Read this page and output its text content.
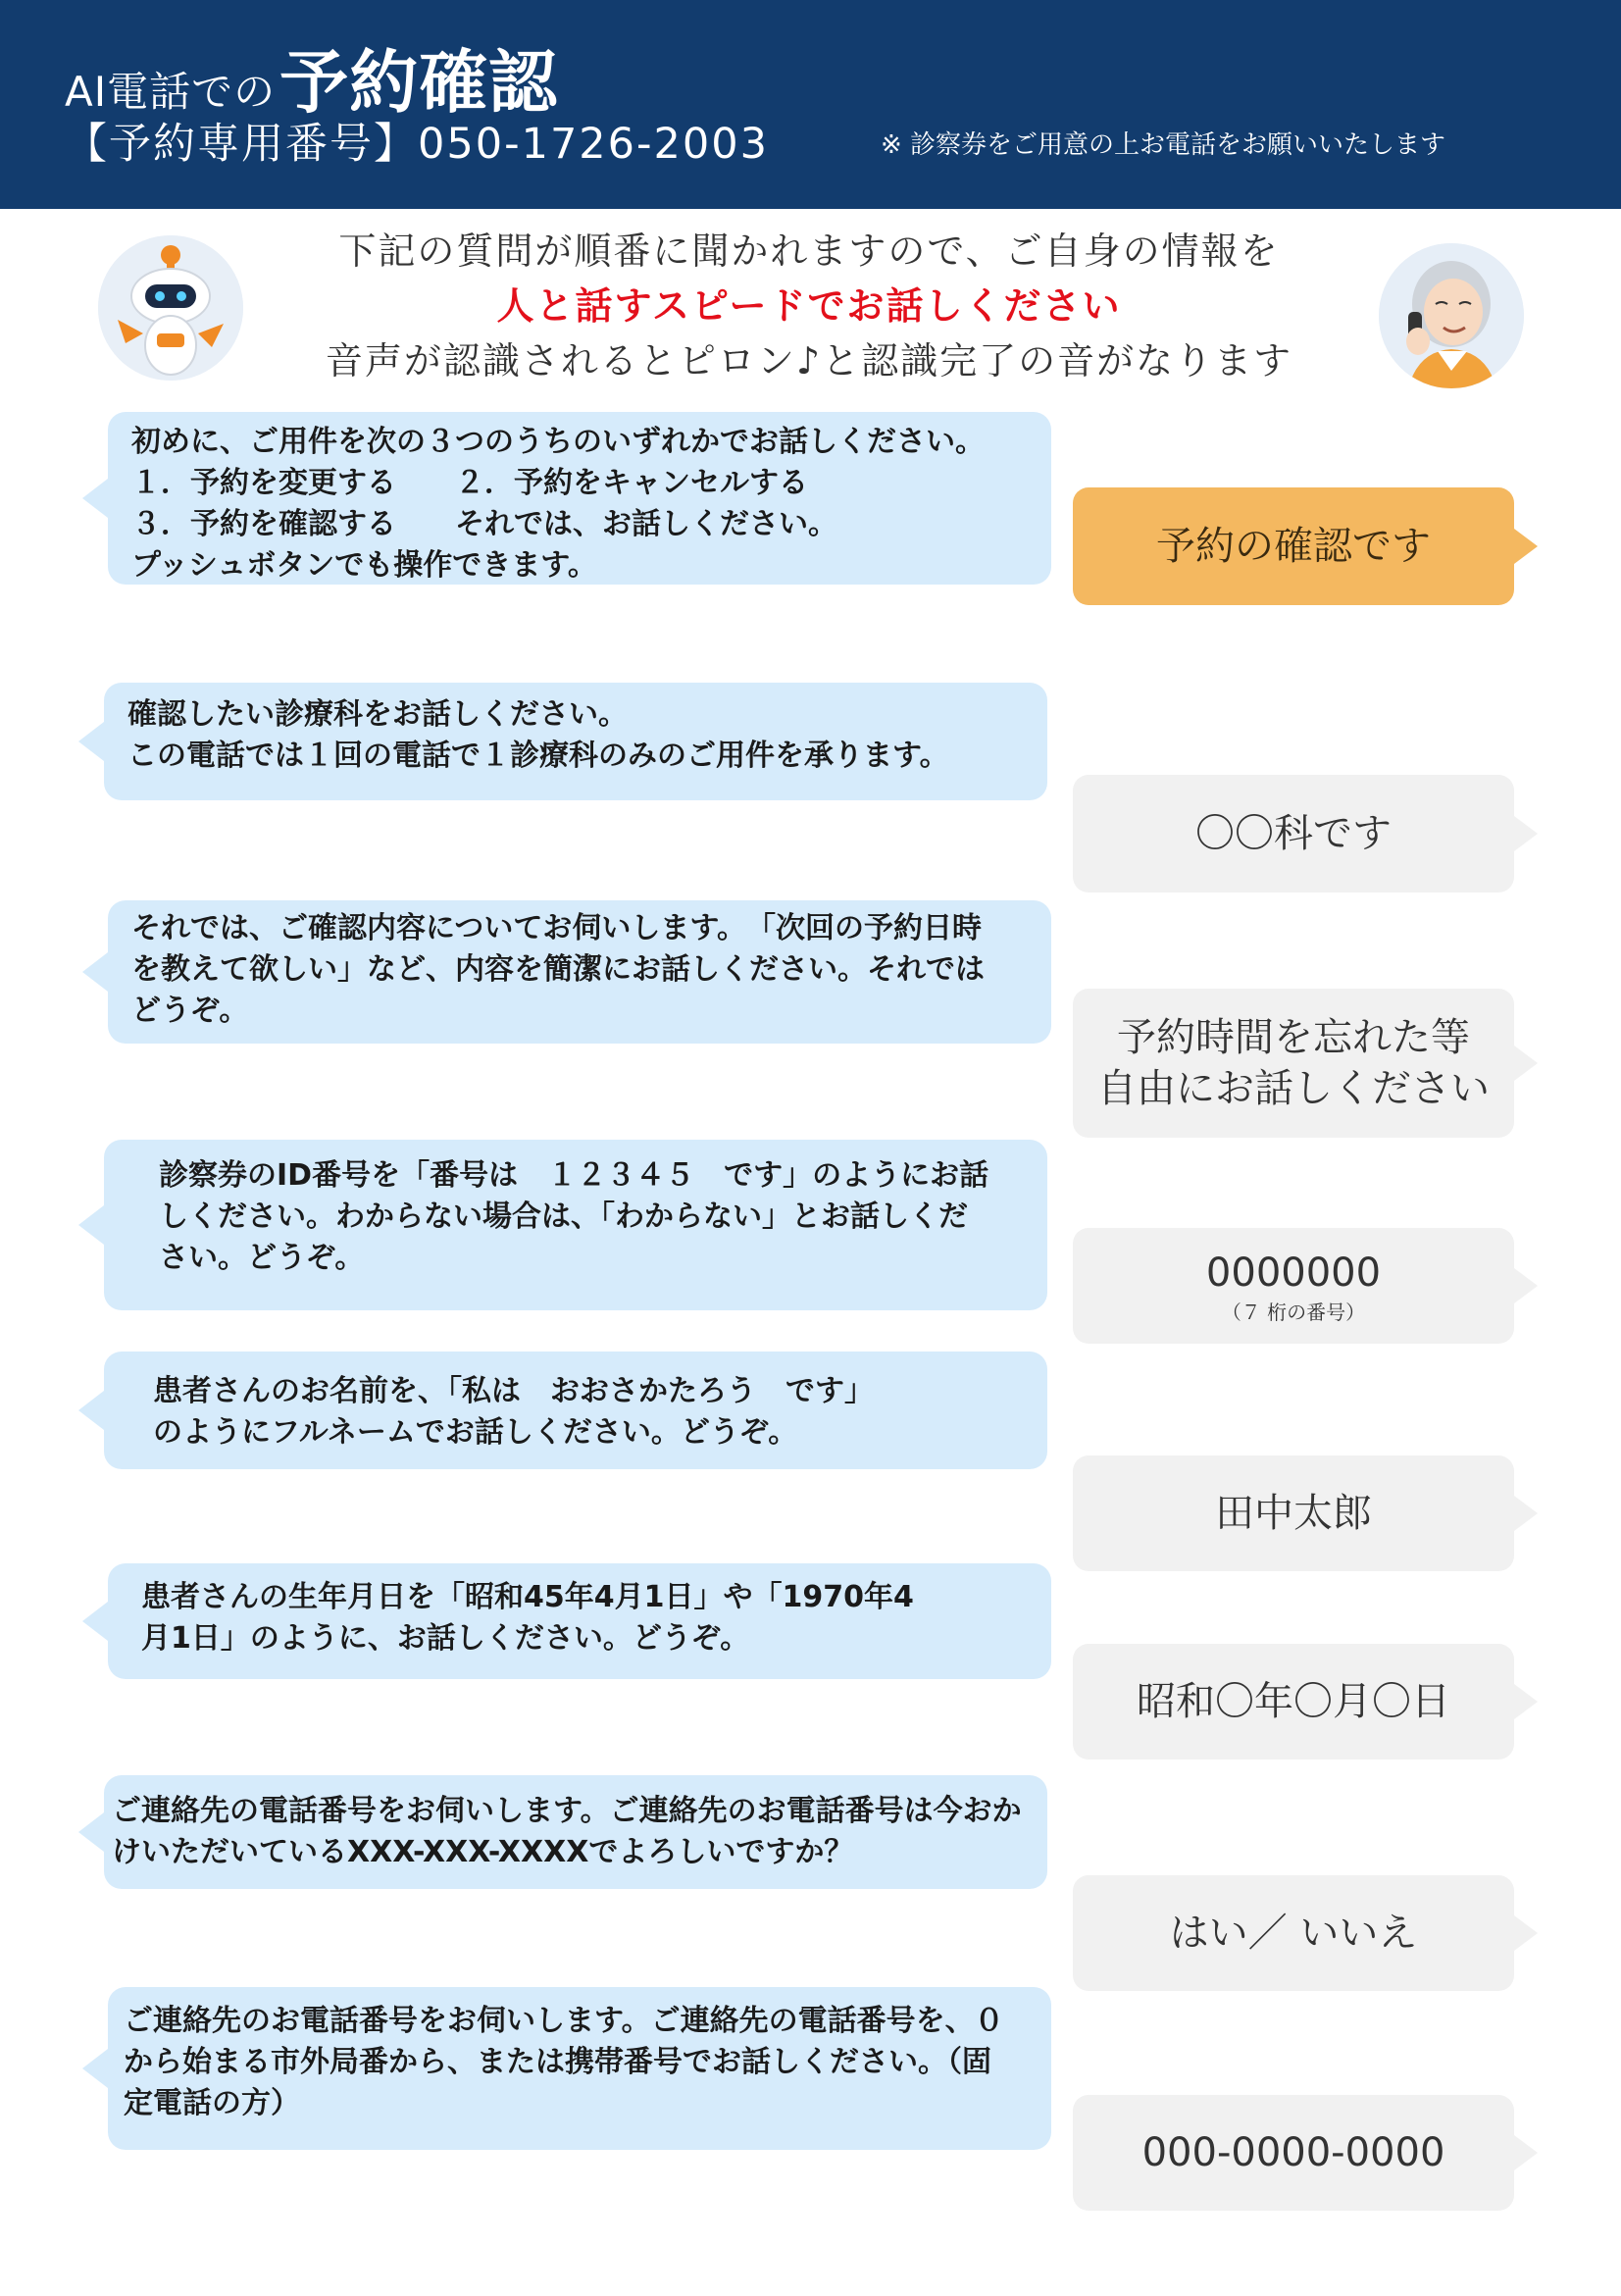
AI電話での予約確認
【予約専用番号】050-1726-2003	※ 診察券をご用意の上お電話をお願いいたします
下記の質問が順番に聞かれますので、ご自身の情報を
人と話すスピードでお話しください
音声が認識されるとピロン♪と認識完了の音がなります
初めに、ご用件を次の３つのうちのいずれかでお話しください。
１．予約を変更する　　２．予約をキャンセルする
３．予約を確認する　　それでは、お話しください。
プッシュボタンでも操作できます。	予約の確認です
確認したい診療科をお話しください。
この電話では１回の電話で１診療科のみのご用件を承ります。
〇〇科です
それでは、ご確認内容についてお伺いします。　「次回の予約日時
を教えて欲しい」など、内容を簡潔にお話しください。それでは
どうぞ。
予約時間を忘れた等
自由にお話しください
診察券のID番号を「番号は　１２３４５　です」のようにお話
しください。わからない場合は、「わからない」とお話しくだ
さい。どうぞ。	0000000
（７ 桁の番号）
患者さんのお名前を、「私は　おおさかたろう　です」
のようにフルネームでお話しください。どうぞ。
田中太郎
患者さんの生年月日を「昭和45年4月1日」や「1970年4
月1日」のように、お話しください。どうぞ。
昭和〇年〇月〇日
ご連絡先の電話番号をお伺いします。ご連絡先のお電話番号は今おか
けいただいているXXX-XXX-XXXXでよろしいですか？
はい／ いいえ
ご連絡先のお電話番号をお伺いします。ご連絡先の電話番号を、０
から始まる市外局番から、または携帯番号でお話しください。（固
定電話の方）
000-0000-0000
